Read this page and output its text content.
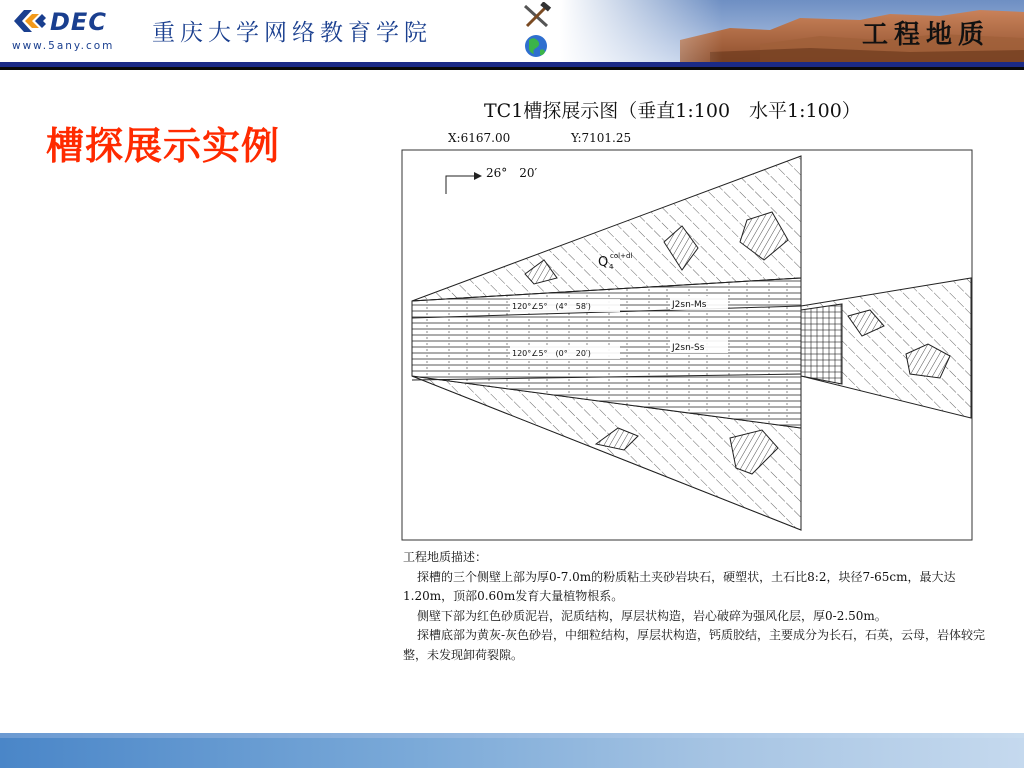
DEC
www.5any.com 重庆大学网络教育学院	工程地质
槽探展示实例
TC1槽探展示图（垂直1:100　水平1:100）
X:6167.00	Y:7101.25
26°　20′
Q col+dl
4
120°∠5°　(4°　58′)	J2sn-Ms
120°∠5°　(0°　20′)
J2sn-Ss
工程地质描述：
探槽的三个侧壁上部为厚0-7.0m的粉质粘土夹砂岩块石，硬塑状，土石比8:2，块径7-65cm，最大达1.20m，顶部0.60m发育大量植物根系。
侧壁下部为红色砂质泥岩，泥质结构，厚层状构造，岩心破碎为强风化层，厚0-2.50m。
探槽底部为黄灰-灰色砂岩，中细粒结构，厚层状构造，钙质胶结，主要成分为长石，石英，云母，岩体较完整，未发现卸荷裂隙。
